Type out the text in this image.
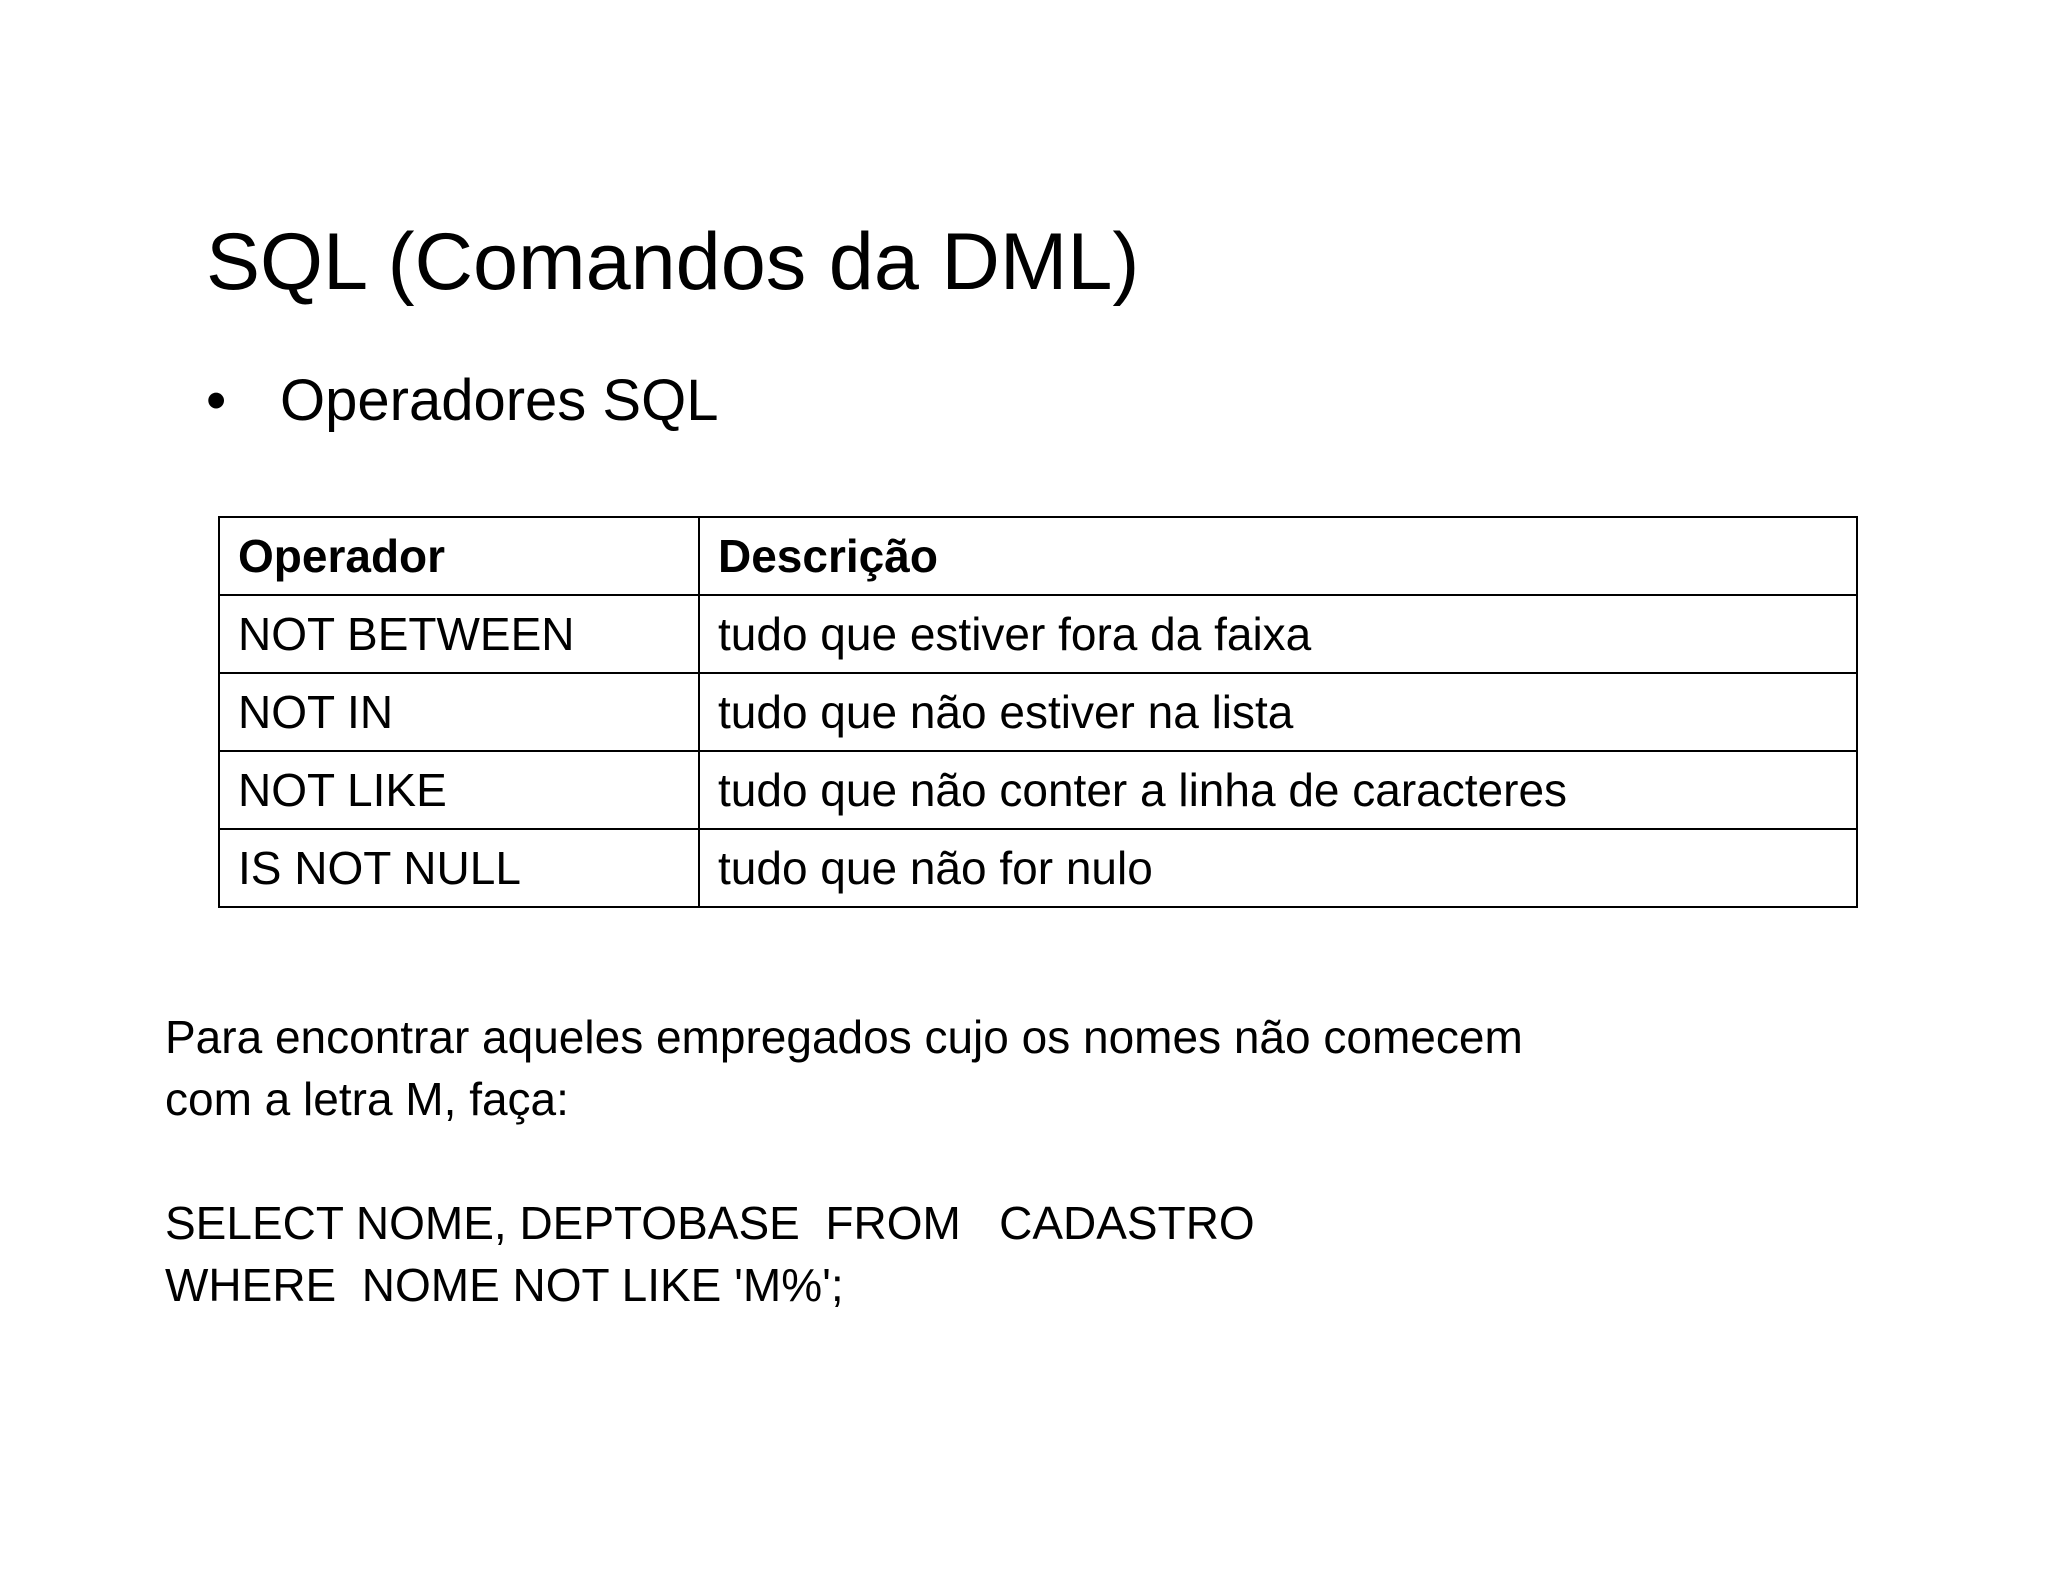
SQL (Comandos da DML)
• Operadores SQL
Operador	Descrição
NOT BETWEEN	tudo que estiver fora da faixa
NOT IN	tudo que não estiver na lista
NOT LIKE	tudo que não conter a linha de caracteres
IS NOT NULL	tudo que não for nulo
Para encontrar aqueles empregados cujo os nomes não comecem
com a letra M, faça:
SELECT NOME, DEPTOBASE  FROM   CADASTRO
WHERE  NOME NOT LIKE 'M%';
